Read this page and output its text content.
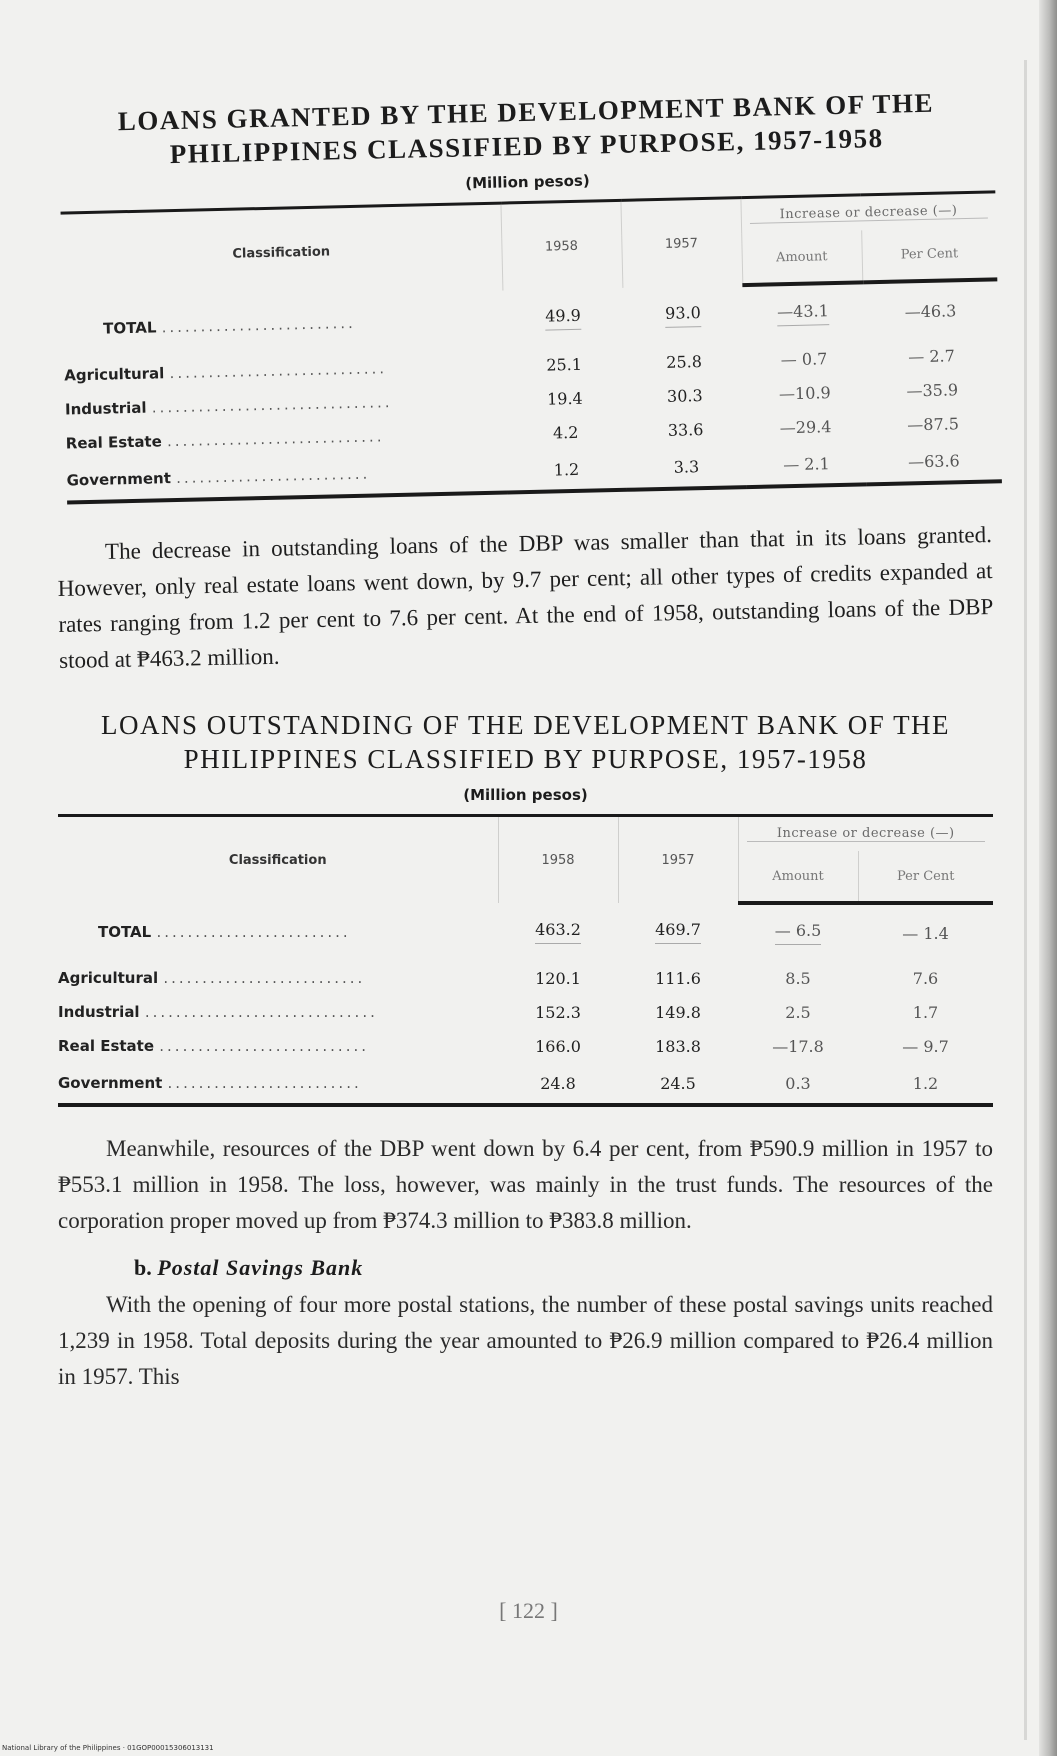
LOANS GRANTED BY THE DEVELOPMENT BANK OF THE
PHILIPPINES CLASSIFIED BY PURPOSE, 1957-1958
(Million pesos)
Classification	1958	1957	Increase or decrease (—)	

			Amount	Per Cent
TOTAL .........................	49.9	93.0	—43.1	—46.3
Agricultural ............................	25.1	25.8	— 0.7	— 2.7
Industrial ...............................	19.4	30.3	—10.9	—35.9
Real Estate ............................	4.2	33.6	—29.4	—87.5
Government .........................	1.2	3.3	— 2.1	—63.6

The decrease in outstanding loans of the DBP was smaller than that in its loans granted. However, only real estate loans went down, by 9.7 per cent; all other types of credits expanded at rates ranging from 1.2 per cent to 7.6 per cent. At the end of 1958, outstanding loans of the DBP stood at ₱463.2 million.

LOANS OUTSTANDING OF THE DEVELOPMENT BANK OF THE
PHILIPPINES CLASSIFIED BY PURPOSE, 1957-1958
(Million pesos)
Classification	1958	1957	Increase or decrease (—)	

			Amount	Per Cent
TOTAL .........................	463.2	469.7	— 6.5	— 1.4
Agricultural ..........................	120.1	111.6	8.5	7.6
Industrial ..............................	152.3	149.8	2.5	1.7
Real Estate ...........................	166.0	183.8	—17.8	— 9.7
Government .........................	24.8	24.5	0.3	1.2

Meanwhile, resources of the DBP went down by 6.4 per cent, from ₱590.9 million in 1957 to ₱553.1 million in 1958. The loss, however, was mainly in the trust funds. The resources of the corporation proper moved up from ₱374.3 million to ₱383.8 million.

b. Postal Savings Bank

With the opening of four more postal stations, the number of these postal savings units reached 1,239 in 1958. Total deposits during the year amounted to ₱26.9 million compared to ₱26.4 million in 1957. This

[ 122 ]
National Library of the Philippines · 01GOP00015306013131
